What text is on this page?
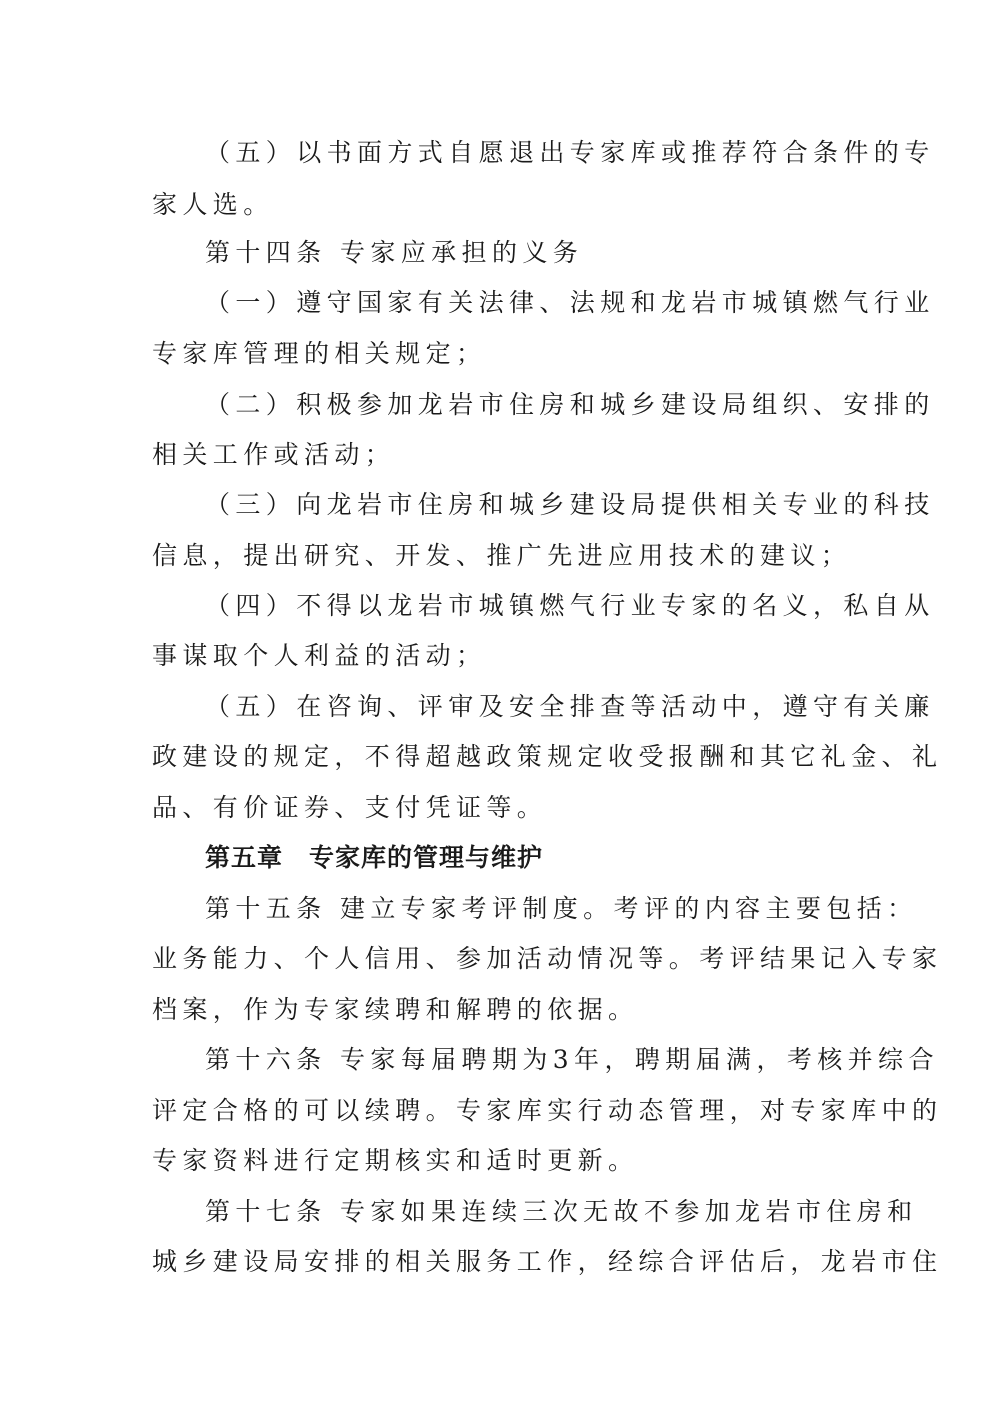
（五）以书面方式自愿退出专家库或推荐符合条件的专
家人选。
第十四条 专家应承担的义务
（一）遵守国家有关法律、法规和龙岩市城镇燃气行业
专家库管理的相关规定；
（二）积极参加龙岩市住房和城乡建设局组织、安排的
相关工作或活动；
（三）向龙岩市住房和城乡建设局提供相关专业的科技
信息，提出研究、开发、推广先进应用技术的建议；
（四）不得以龙岩市城镇燃气行业专家的名义，私自从
事谋取个人利益的活动；
（五）在咨询、评审及安全排查等活动中，遵守有关廉
政建设的规定，不得超越政策规定收受报酬和其它礼金、礼
品、有价证券、支付凭证等。
第五章　专家库的管理与维护
第十五条 建立专家考评制度。考评的内容主要包括：
业务能力、个人信用、参加活动情况等。考评结果记入专家
档案，作为专家续聘和解聘的依据。
第十六条 专家每届聘期为3年，聘期届满，考核并综合
评定合格的可以续聘。专家库实行动态管理，对专家库中的
专家资料进行定期核实和适时更新。
第十七条 专家如果连续三次无故不参加龙岩市住房和
城乡建设局安排的相关服务工作，经综合评估后，龙岩市住
